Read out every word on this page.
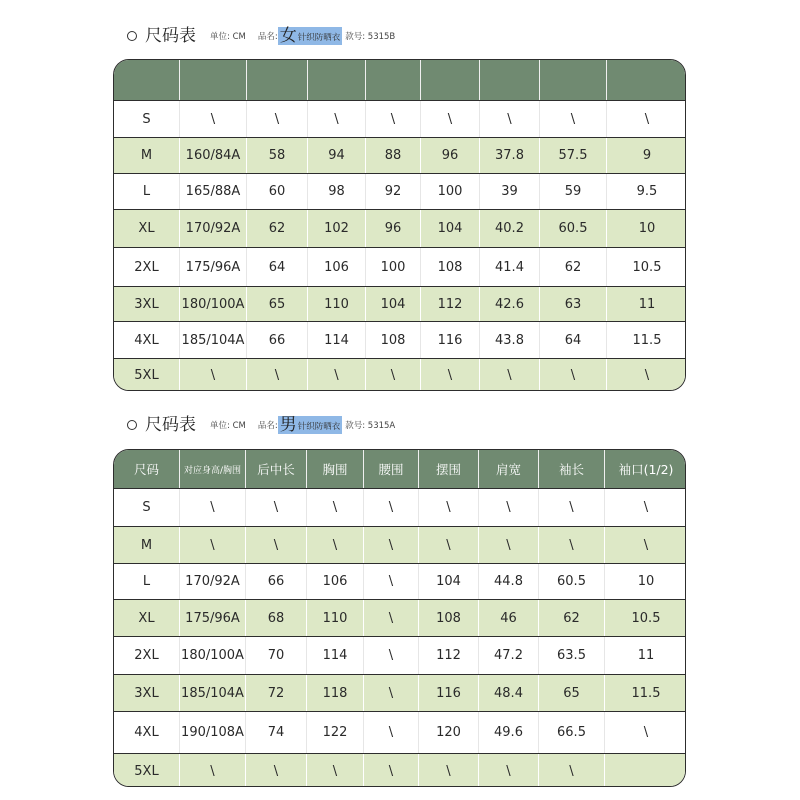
尺码表 单位: CM 品名: 女 针织防晒衣 款号: 5315B
S	\	\	\	\	\	\	\	\
M	160/84A	58	94	88	96	37.8	57.5	9
L	165/88A	60	98	92	100	39	59	9.5
XL	170/92A	62	102	96	104	40.2	60.5	10
2XL	175/96A	64	106	100	108	41.4	62	10.5
3XL	180/100A	65	110	104	112	42.6	63	11
4XL	185/104A	66	114	108	116	43.8	64	11.5
5XL	\	\	\	\	\	\	\	\
尺码表 单位: CM 品名: 男 针织防晒衣 款号: 5315A
尺码	对应身高/胸围	后中长	胸围	腰围	摆围	肩宽	袖长	袖口(1/2)
S	\	\	\	\	\	\	\	\
M	\	\	\	\	\	\	\	\
L	170/92A	66	106	\	104	44.8	60.5	10
XL	175/96A	68	110	\	108	46	62	10.5
2XL	180/100A	70	114	\	112	47.2	63.5	11
3XL	185/104A	72	118	\	116	48.4	65	11.5
4XL	190/108A	74	122	\	120	49.6	66.5	\
5XL	\	\	\	\	\	\	\
